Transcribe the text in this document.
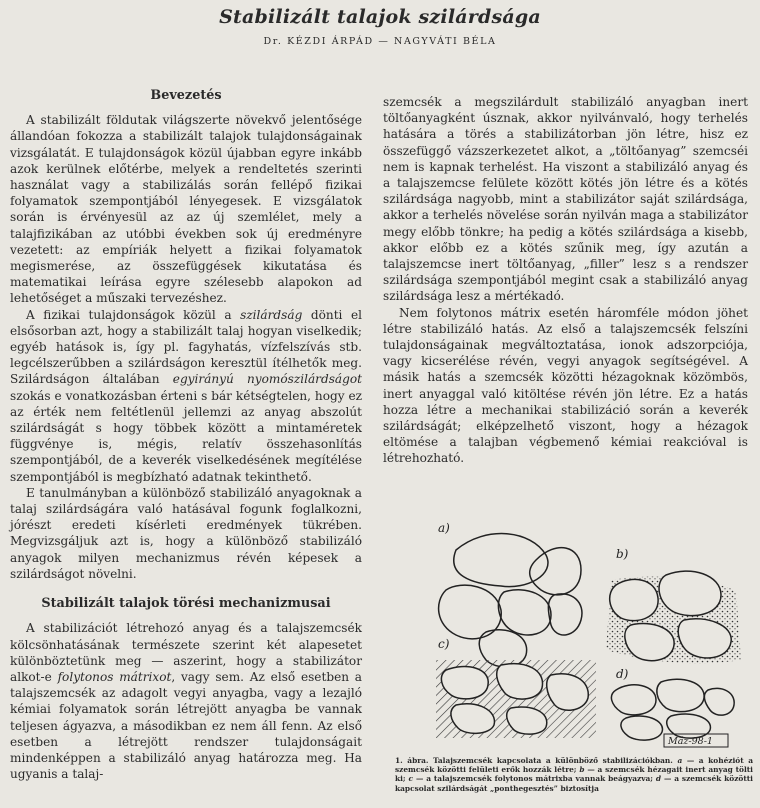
Stabilizált talajok szilárdsága
Dr. KÉZDI ÁRPÁD — NAGYVÁTI BÉLA

Bevezetés

A stabilizált földutak világszerte növekvő jelentősége állandóan fokozza a stabilizált talajok tulajdonságainak vizsgálatát. E tulajdonságok közül újabban egyre inkább azok kerülnek előtérbe, melyek a rendeltetés szerinti használat vagy a stabilizálás során fellépő fizikai folyamatok szempontjából lényegesek. E vizsgálatok során is érvényesül az az új szemlélet, mely a talajfizikában az utóbbi években sok új eredményre vezetett: az empíriák helyett a fizikai folyamatok megismerése, az összefüggések kikutatása és matematikai leírása egyre szélesebb alapokon ad lehetőséget a műszaki tervezéshez.

A fizikai tulajdonságok közül a szilárdság dönti el elsősorban azt, hogy a stabilizált talaj hogyan viselkedik; egyéb hatások is, így pl. fagyhatás, vízfelszívás stb. legcélszerűbben a szilárdságon keresztül ítélhetők meg. Szilárdságon általában egyirányú nyomószilárdságot szokás e vonatkozásban érteni s bár kétségtelen, hogy ez az érték nem feltétlenül jellemzi az anyag abszolút szilárdságát s hogy többek között a mintaméretek függvénye is, mégis, relatív összehasonlítás szempontjából, de a keverék viselkedésének megítélése szempontjából is megbízható adatnak tekinthető.

E tanulmányban a különböző stabilizáló anyagoknak a talaj szilárdságára való hatásával fogunk foglalkozni, jórészt eredeti kísérleti eredmények tükrében. Megvizsgáljuk azt is, hogy a különböző stabilizáló anyagok milyen mechanizmus révén képesek a szilárdságot növelni.

Stabilizált talajok törési mechanizmusai

A stabilizációt létrehozó anyag és a talajszemcsék kölcsönhatásának természete szerint két alapesetet különböztetünk meg — aszerint, hogy a stabilizátor alkot-e folytonos mátrixot, vagy sem. Az első esetben a talajszemcsék az adagolt vegyi anyagba, vagy a lezajló kémiai folyamatok során létrejött anyagba be vannak teljesen ágyazva, a másodikban ez nem áll fenn. Az első esetben a létrejött rendszer tulajdonságait mindenképpen a stabilizáló anyag határozza meg. Ha ugyanis a talaj-

szemcsék a megszilárdult stabilizáló anyagban inert töltőanyagként úsznak, akkor nyilvánvaló, hogy terhelés hatására a törés a stabilizátorban jön létre, hisz ez összefüggő vázszerkezetet alkot, a „töltőanyag” szemcséi nem is kapnak terhelést. Ha viszont a stabilizáló anyag és a talajszemcse felülete között kötés jön létre és a kötés szilárdsága nagyobb, mint a stabilizátor saját szilárdsága, akkor a terhelés növelése során nyilván maga a stabilizátor megy előbb tönkre; ha pedig a kötés szilárdsága a kisebb, akkor előbb ez a kötés szűnik meg, így azután a talajszemcse inert töltőanyag, „filler” lesz s a rendszer szilárdsága szempontjából megint csak a stabilizáló anyag szilárdsága lesz a mértékadó.

Nem folytonos mátrix esetén háromféle módon jöhet létre stabilizáló hatás. Az első a talajszemcsék felszíni tulajdonságainak megváltoztatása, ionok adszorpciója, vagy kicserélése révén, vegyi anyagok segítségével. A másik hatás a szemcsék közötti hézagoknak közömbös, inert anyaggal való kitöltése révén jön létre. Ez a hatás hozza létre a mechanikai stabilizáció során a keverék szilárdságát; elképzelhető viszont, hogy a hézagok eltömése a talajban végbemenő kémiai reakcióval is létrehozható.

a)
b)
c)
d)
Máz-98-1
1. ábra. Talajszemcsék kapcsolata a különböző stabilizációkban. a — a kohéziót a szemcsék közötti felületi erők hozzák létre; b — a szemcsék hézagait inert anyag tölti ki; c — a talajszemcsék folytonos mátrixba vannak beágyazva; d — a szemcsék közötti kapcsolat szilárdságát „ponthegesztés” biztosítja
